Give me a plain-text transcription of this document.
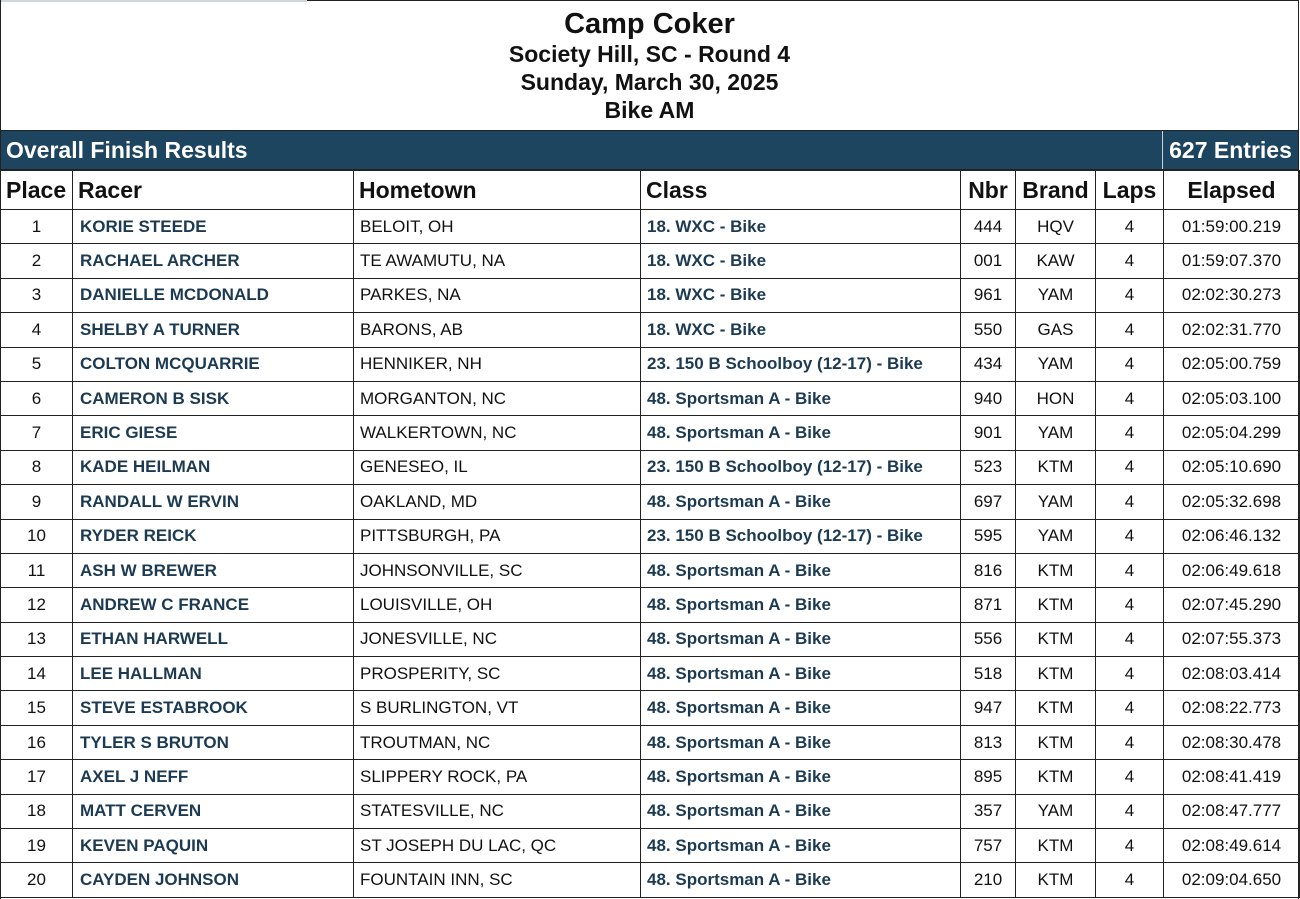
Camp Coker
Society Hill, SC - Round 4
Sunday, March 30, 2025
Bike AM
Overall Finish Results	627 Entries
Place	Racer	Hometown	Class	Nbr	Brand	Laps	Elapsed
1	KORIE STEEDE	BELOIT, OH	18. WXC - Bike	444	HQV	4	01:59:00.219
2	RACHAEL ARCHER	TE AWAMUTU, NA	18. WXC - Bike	001	KAW	4	01:59:07.370
3	DANIELLE MCDONALD	PARKES, NA	18. WXC - Bike	961	YAM	4	02:02:30.273
4	SHELBY A TURNER	BARONS, AB	18. WXC - Bike	550	GAS	4	02:02:31.770
5	COLTON MCQUARRIE	HENNIKER, NH	23. 150 B Schoolboy (12-17) - Bike	434	YAM	4	02:05:00.759
6	CAMERON B SISK	MORGANTON, NC	48. Sportsman A - Bike	940	HON	4	02:05:03.100
7	ERIC GIESE	WALKERTOWN, NC	48. Sportsman A - Bike	901	YAM	4	02:05:04.299
8	KADE HEILMAN	GENESEO, IL	23. 150 B Schoolboy (12-17) - Bike	523	KTM	4	02:05:10.690
9	RANDALL W ERVIN	OAKLAND, MD	48. Sportsman A - Bike	697	YAM	4	02:05:32.698
10	RYDER REICK	PITTSBURGH, PA	23. 150 B Schoolboy (12-17) - Bike	595	YAM	4	02:06:46.132
11	ASH W BREWER	JOHNSONVILLE, SC	48. Sportsman A - Bike	816	KTM	4	02:06:49.618
12	ANDREW C FRANCE	LOUISVILLE, OH	48. Sportsman A - Bike	871	KTM	4	02:07:45.290
13	ETHAN HARWELL	JONESVILLE, NC	48. Sportsman A - Bike	556	KTM	4	02:07:55.373
14	LEE HALLMAN	PROSPERITY, SC	48. Sportsman A - Bike	518	KTM	4	02:08:03.414
15	STEVE ESTABROOK	S BURLINGTON, VT	48. Sportsman A - Bike	947	KTM	4	02:08:22.773
16	TYLER S BRUTON	TROUTMAN, NC	48. Sportsman A - Bike	813	KTM	4	02:08:30.478
17	AXEL J NEFF	SLIPPERY ROCK, PA	48. Sportsman A - Bike	895	KTM	4	02:08:41.419
18	MATT CERVEN	STATESVILLE, NC	48. Sportsman A - Bike	357	YAM	4	02:08:47.777
19	KEVEN PAQUIN	ST JOSEPH DU LAC, QC	48. Sportsman A - Bike	757	KTM	4	02:08:49.614
20	CAYDEN JOHNSON	FOUNTAIN INN, SC	48. Sportsman A - Bike	210	KTM	4	02:09:04.650
